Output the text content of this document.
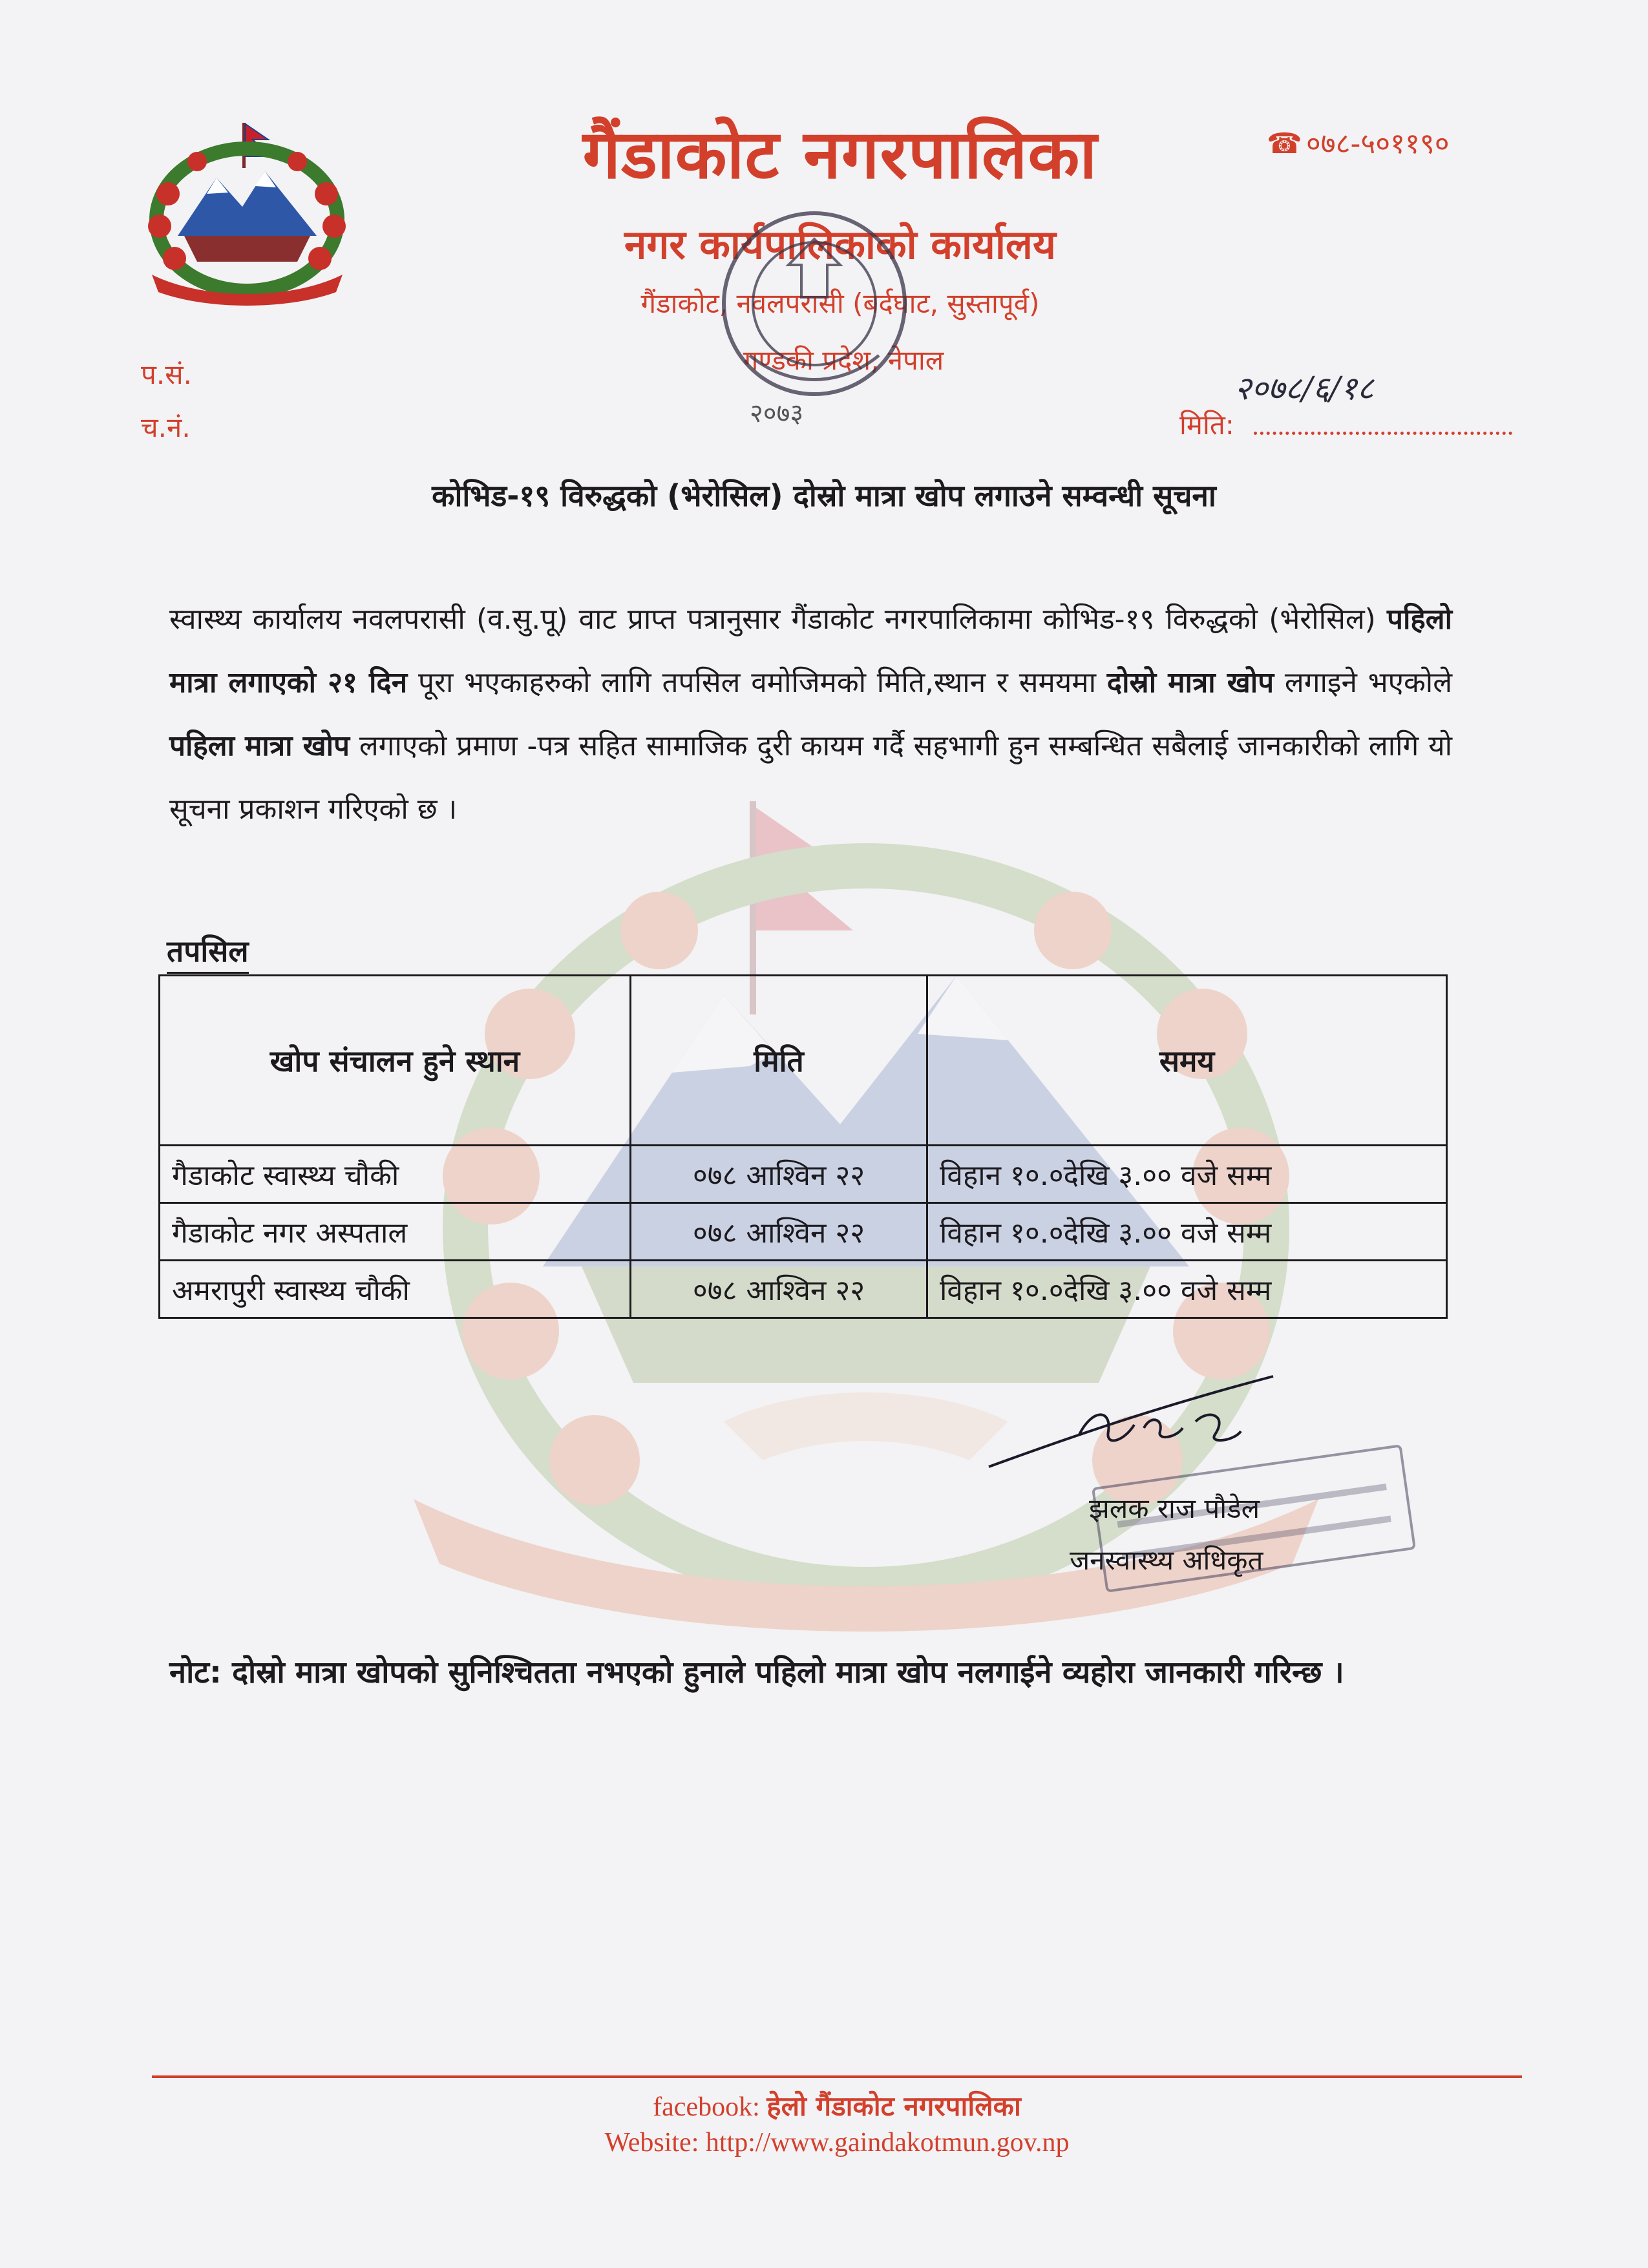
गैंडाकोट नगरपालिका
नगर कार्यपालिकाको कार्यालय
गैंडाकोट, नवलपरासी (बर्दघाट, सुस्तापूर्व)
गण्डकी प्रदेश, नेपाल
२०७३
☎ ०७८-५०११९०
प.सं.
च.नं.
२०७८/६/१८
मिति:
कोभिड-१९ विरुद्धको (भेरोसिल) दोस्रो मात्रा खोप लगाउने सम्वन्धी सूचना
स्वास्थ्य कार्यालय नवलपरासी (व.सु.पू) वाट प्राप्त पत्रानुसार गैंडाकोट नगरपालिकामा कोभिड-१९ विरुद्धको (भेरोसिल) पहिलो मात्रा लगाएको २१ दिन पूरा भएकाहरुको लागि तपसिल वमोजिमको मिति,स्थान र समयमा दोस्रो मात्रा खोप लगाइने भएकोले पहिला मात्रा खोप लगाएको प्रमाण -पत्र सहित सामाजिक दुरी कायम गर्दै सहभागी हुन सम्बन्धित सबैलाई जानकारीको लागि यो सूचना प्रकाशन गरिएको छ ।
तपसिल
खोप संचालन हुने स्थान	मिति	समय
गैडाकोट स्वास्थ्य चौकी	०७८ आश्विन २२	विहान १०.०देखि ३.०० वजे सम्म
गैडाकोट नगर अस्पताल	०७८ आश्विन २२	विहान १०.०देखि ३.०० वजे सम्म
अमरापुरी स्वास्थ्य चौकी	०७८ आश्विन २२	विहान १०.०देखि ३.०० वजे सम्म
झलक राज पौडेल
जनस्वास्थ्य अधिकृत
नोट: दोस्रो मात्रा खोपको सुनिश्चितता नभएको हुनाले पहिलो मात्रा खोप नलगाईने व्यहोरा जानकारी गरिन्छ ।
facebook: हेलो गैंडाकोट नगरपालिका
Website: http://www.gaindakotmun.gov.np
